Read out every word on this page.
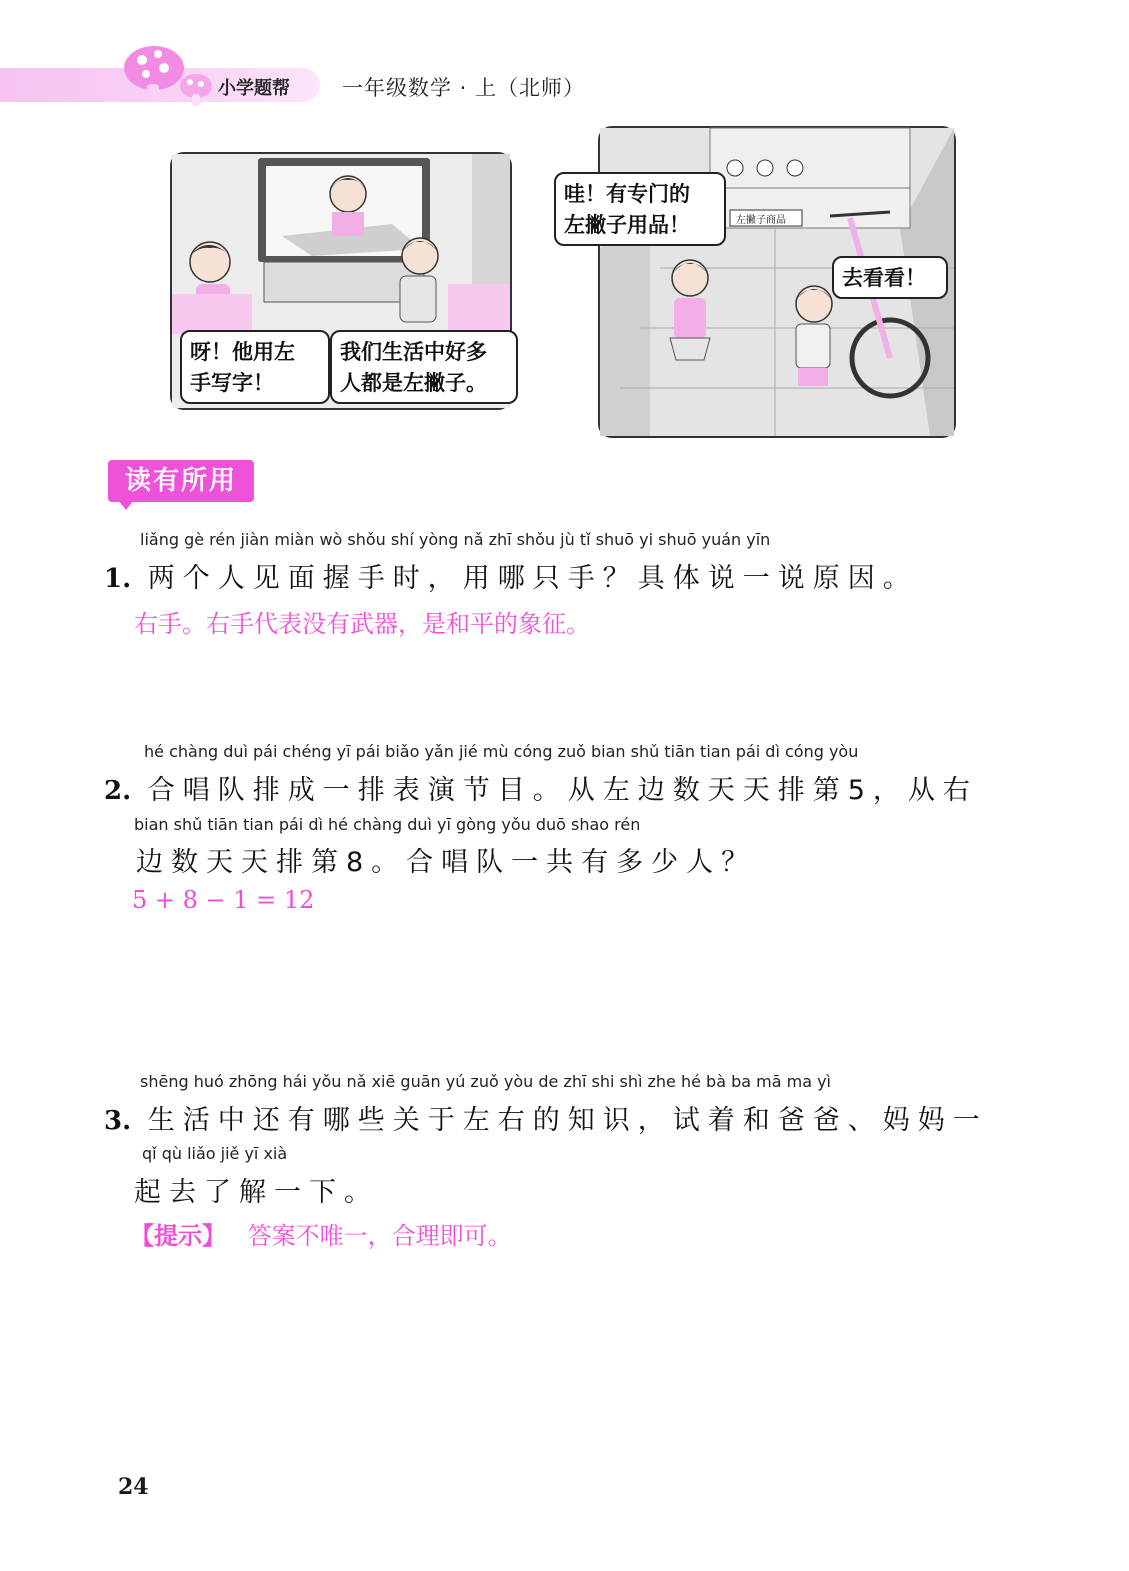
小学题帮 一年级数学 · 上（北师）
呀！他用左
手写字！
我们生活中好多
人都是左撇子。
左撇子商品
哇！有专门的
左撇子用品！
去看看！
读有所用
liǎng gè rén jiàn miàn wò shǒu shí yòng nǎ zhī shǒu jù tǐ shuō yi shuō yuán yīn
1. 两个人见面握手时，用哪只手？具体说一说原因。
右手。右手代表没有武器，是和平的象征。
hé chàng duì pái chéng yī pái biǎo yǎn jié mù cóng zuǒ bian shǔ tiān tian pái dì cóng yòu
2. 合唱队排成一排表演节目。从左边数天天排第5，从右
bian shǔ tiān tian pái dì hé chàng duì yī gòng yǒu duō shao rén
边数天天排第8。合唱队一共有多少人？
5 + 8 − 1 = 12
shēng huó zhōng hái yǒu nǎ xiē guān yú zuǒ yòu de zhī shi shì zhe hé bà ba mā ma yì
3. 生活中还有哪些关于左右的知识，试着和爸爸、妈妈一
qǐ qù liǎo jiě yī xià
起去了解一下。
【提示】 答案不唯一，合理即可。
24
